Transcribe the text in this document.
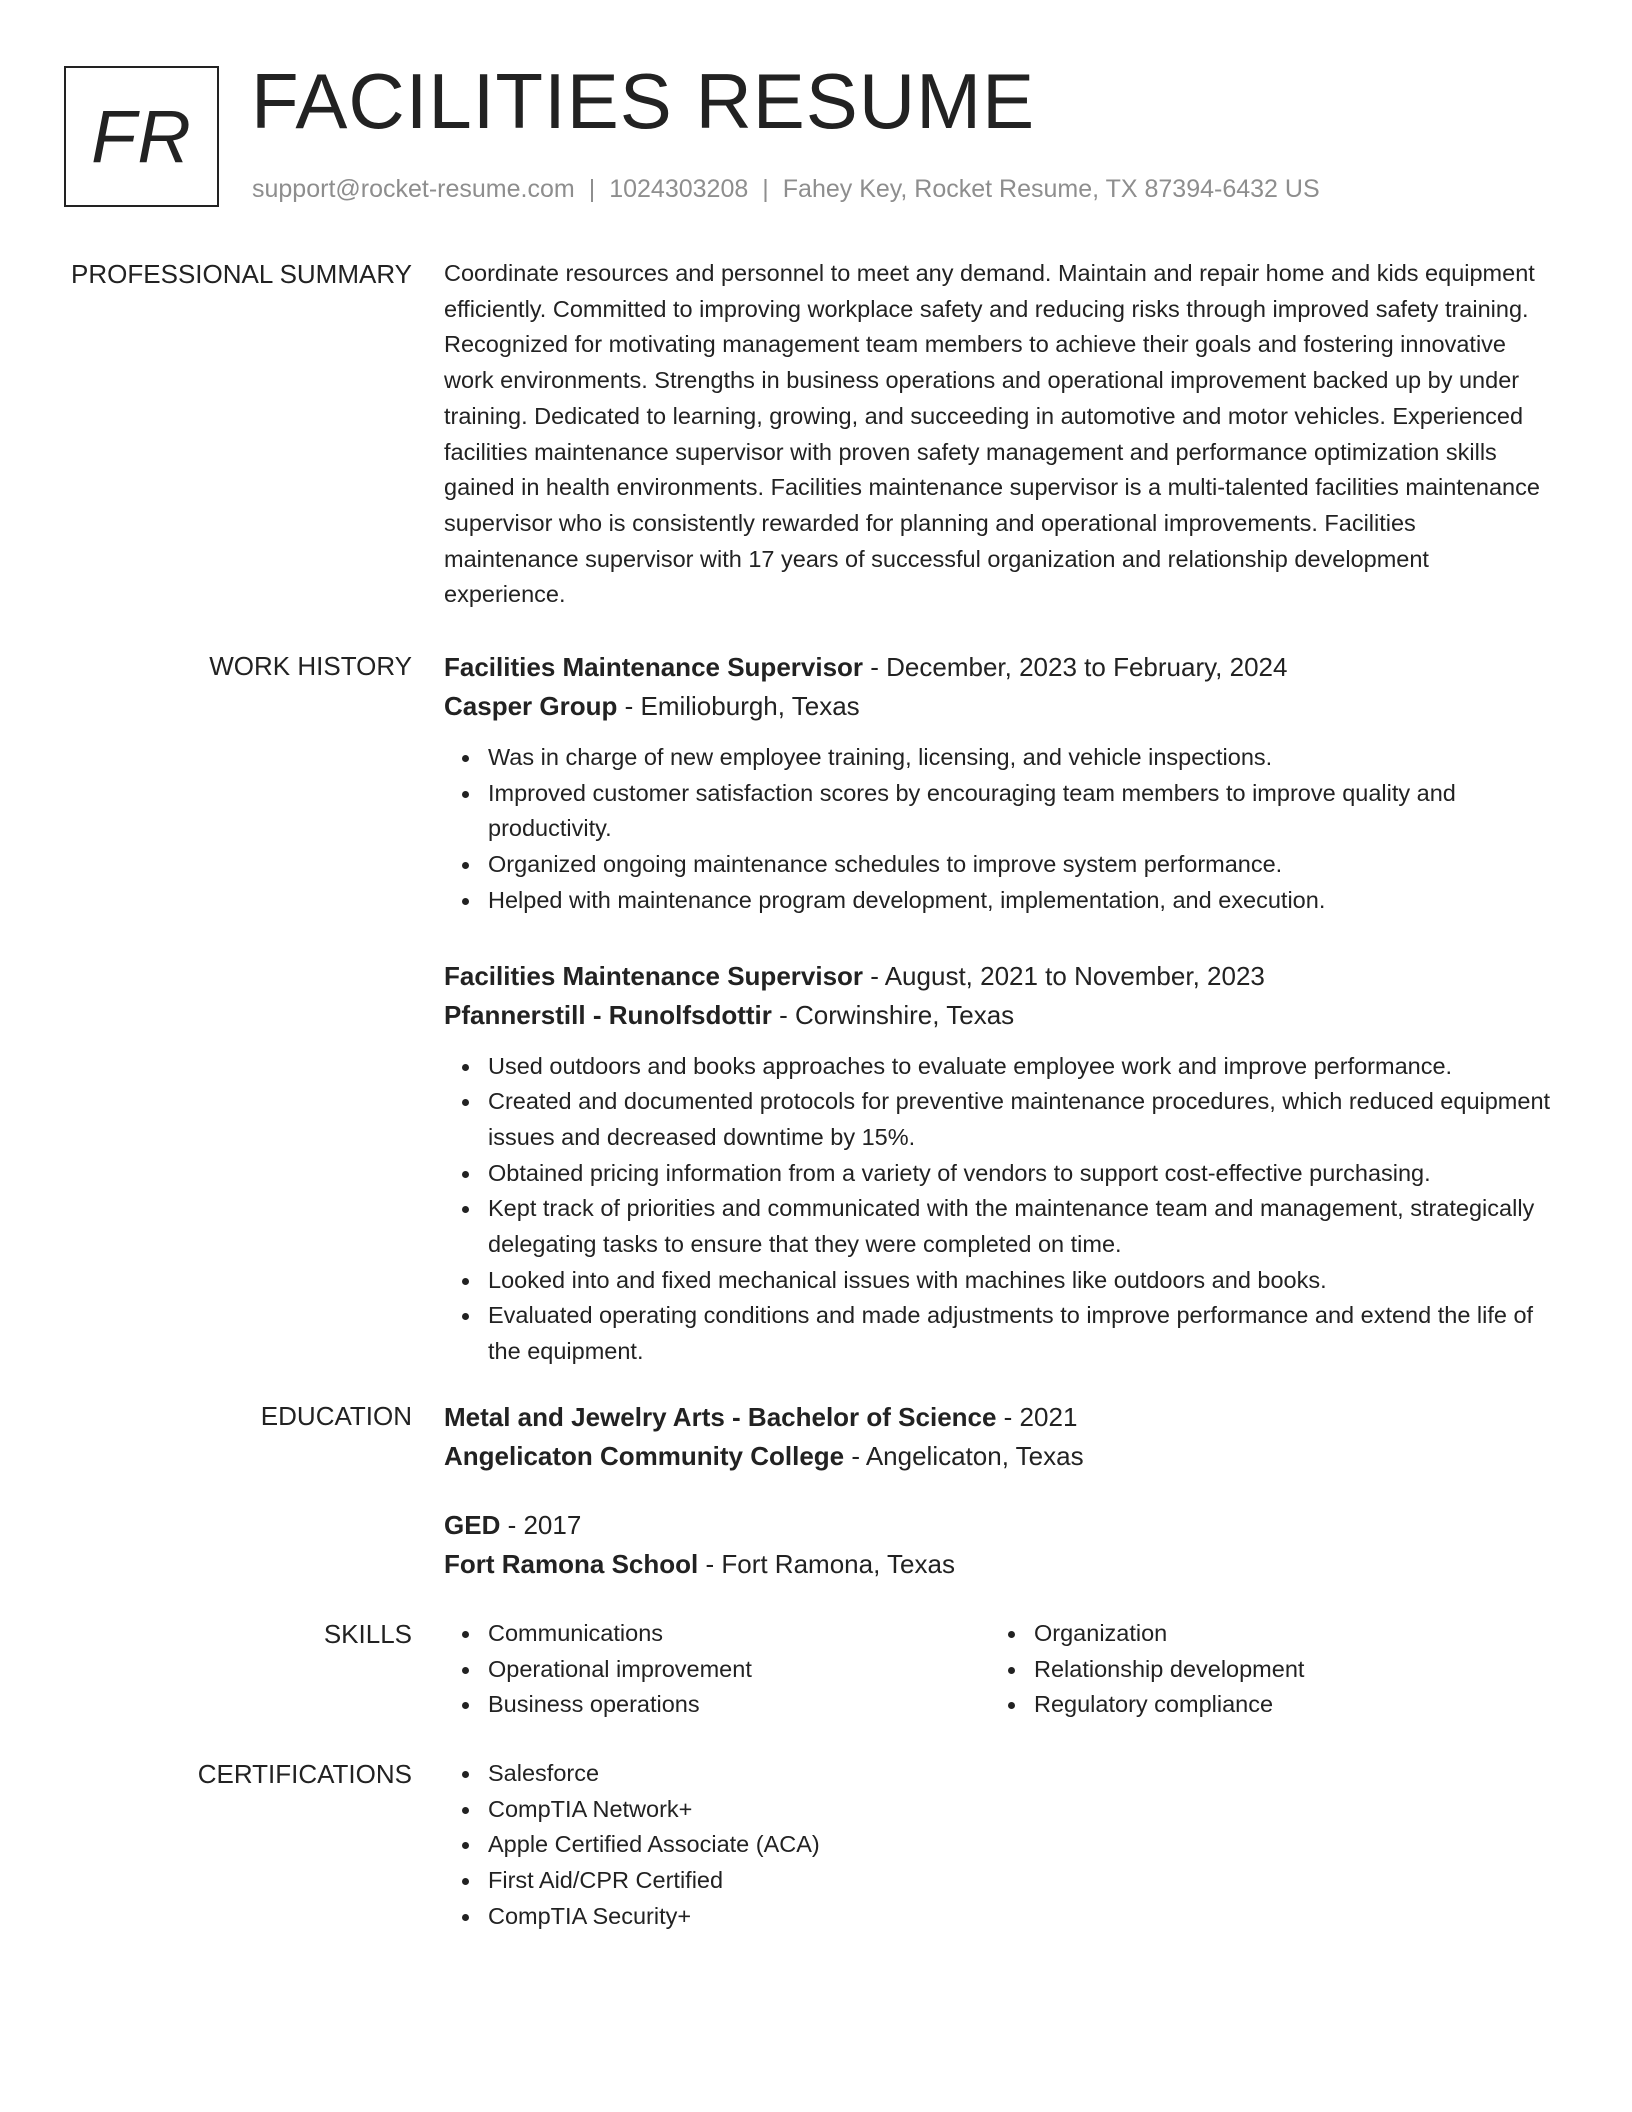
FR FACILITIES RESUME
support@rocket-resume.com | 1024303208 | Fahey Key, Rocket Resume, TX 87394-6432 US
PROFESSIONAL SUMMARY Coordinate resources and personnel to meet any demand. Maintain and repair home and kids equipment efficiently. Committed to improving workplace safety and reducing risks through improved safety training. Recognized for motivating management team members to achieve their goals and fostering innovative work environments. Strengths in business operations and operational improvement backed up by under training. Dedicated to learning, growing, and succeeding in automotive and motor vehicles. Experienced facilities maintenance supervisor with proven safety management and performance optimization skills gained in health environments. Facilities maintenance supervisor is a multi-talented facilities maintenance supervisor who is consistently rewarded for planning and operational improvements. Facilities maintenance supervisor with 17 years of successful organization and relationship development experience.

WORK HISTORY Facilities Maintenance Supervisor - December, 2023 to February, 2024
Casper Group - Emilioburgh, Texas
Was in charge of new employee training, licensing, and vehicle inspections.
Improved customer satisfaction scores by encouraging team members to improve quality and productivity.
Organized ongoing maintenance schedules to improve system performance.
Helped with maintenance program development, implementation, and execution.
Facilities Maintenance Supervisor - August, 2021 to November, 2023
Pfannerstill - Runolfsdottir - Corwinshire, Texas
Used outdoors and books approaches to evaluate employee work and improve performance.
Created and documented protocols for preventive maintenance procedures, which reduced equipment issues and decreased downtime by 15%.
Obtained pricing information from a variety of vendors to support cost-effective purchasing.
Kept track of priorities and communicated with the maintenance team and management, strategically delegating tasks to ensure that they were completed on time.
Looked into and fixed mechanical issues with machines like outdoors and books.
Evaluated operating conditions and made adjustments to improve performance and extend the life of the equipment.
EDUCATION Metal and Jewelry Arts - Bachelor of Science - 2021
Angelicaton Community College - Angelicaton, Texas
GED - 2017
Fort Ramona School - Fort Ramona, Texas
SKILLS	Communications
Operational improvement
Business operations
Organization
Relationship development
Regulatory compliance
CERTIFICATIONS	Salesforce
CompTIA Network+
Apple Certified Associate (ACA)
First Aid/CPR Certified
CompTIA Security+
